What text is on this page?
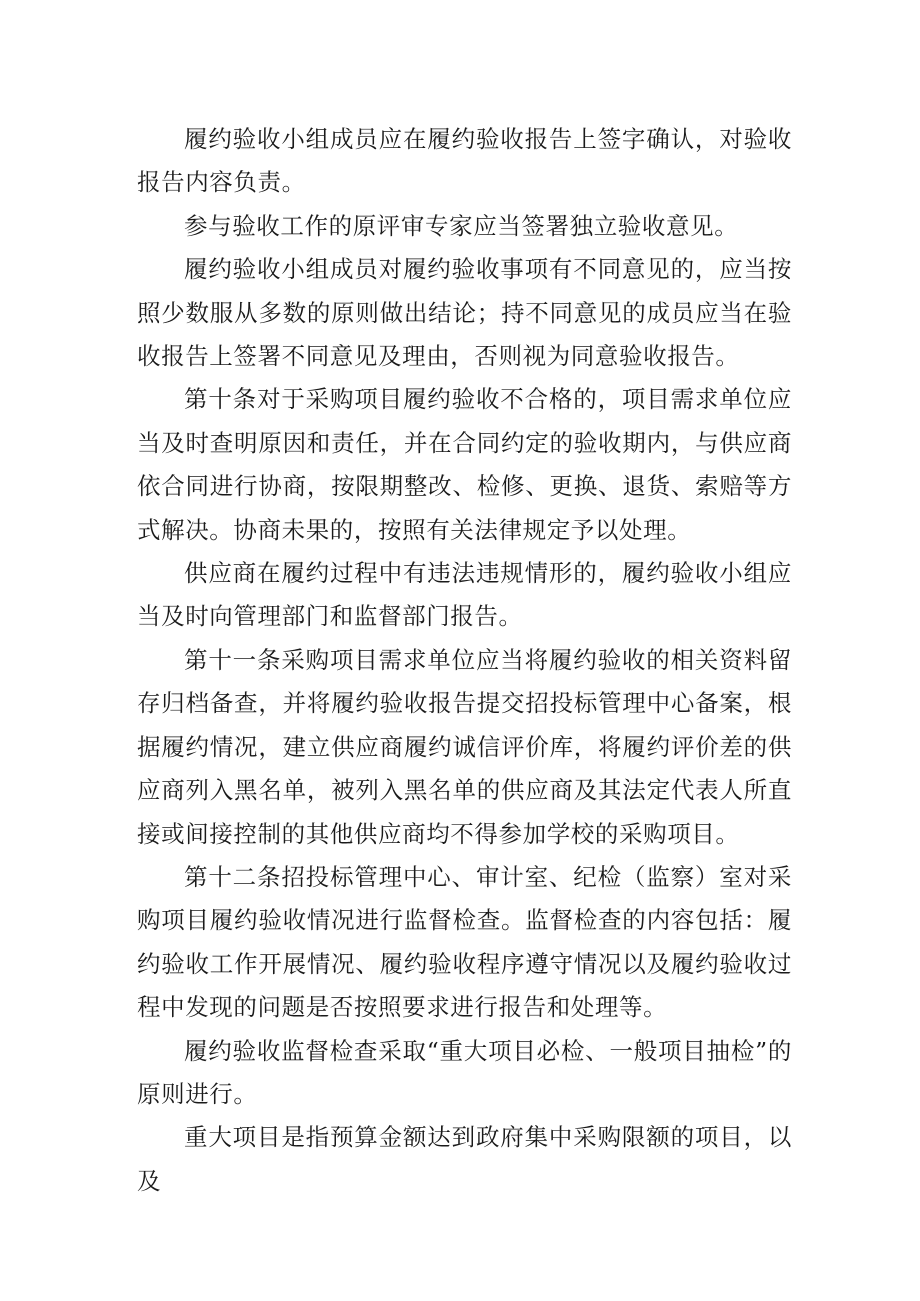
履约验收小组成员应在履约验收报告上签字确认，对验收报告内容负责。

参与验收工作的原评审专家应当签署独立验收意见。

履约验收小组成员对履约验收事项有不同意见的，应当按照少数服从多数的原则做出结论；持不同意见的成员应当在验收报告上签署不同意见及理由，否则视为同意验收报告。

第十条对于采购项目履约验收不合格的，项目需求单位应当及时查明原因和责任，并在合同约定的验收期内，与供应商依合同进行协商，按限期整改、检修、更换、退货、索赔等方式解决。协商未果的，按照有关法律规定予以处理。

供应商在履约过程中有违法违规情形的，履约验收小组应当及时向管理部门和监督部门报告。

第十一条采购项目需求单位应当将履约验收的相关资料留存归档备查，并将履约验收报告提交招投标管理中心备案，根据履约情况，建立供应商履约诚信评价库，将履约评价差的供应商列入黑名单，被列入黑名单的供应商及其法定代表人所直接或间接控制的其他供应商均不得参加学校的采购项目。

第十二条招投标管理中心、审计室、纪检（监察）室对采购项目履约验收情况进行监督检查。监督检查的内容包括：履约验收工作开展情况、履约验收程序遵守情况以及履约验收过程中发现的问题是否按照要求进行报告和处理等。

履约验收监督检查采取“重大项目必检、一般项目抽检”的原则进行。

重大项目是指预算金额达到政府集中采购限额的项目，以及
